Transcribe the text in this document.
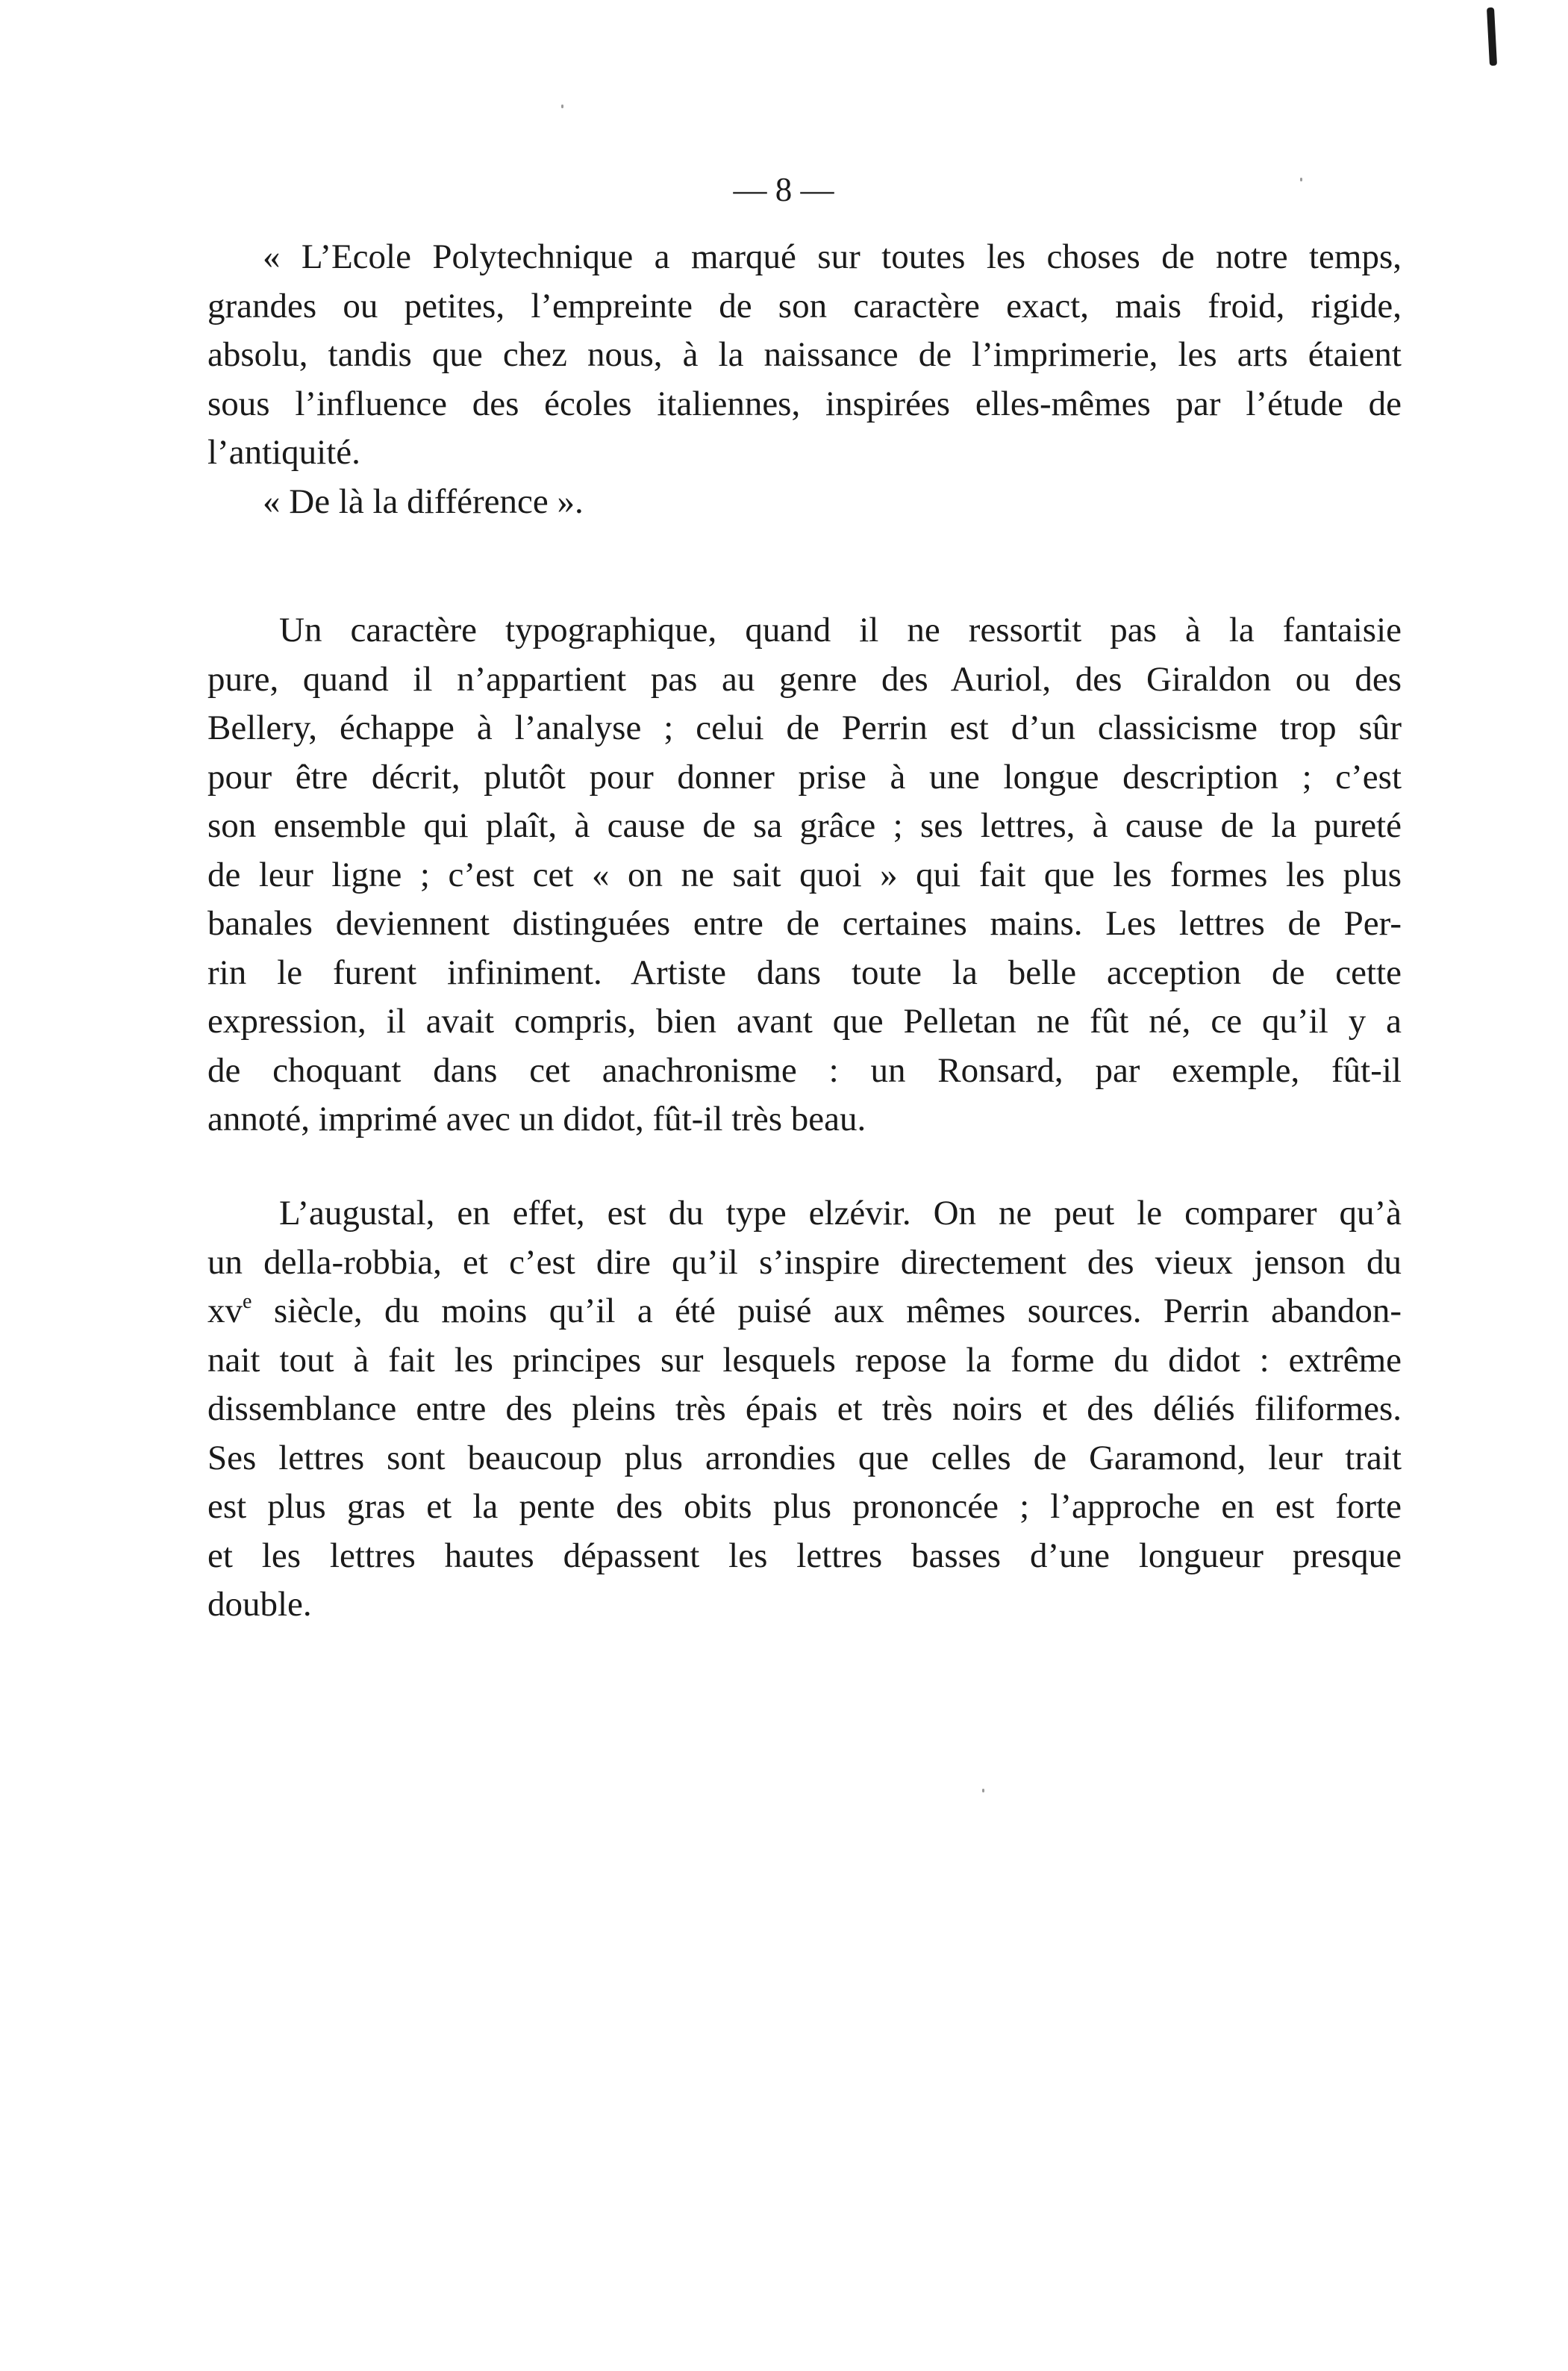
— 8 —

« L’Ecole Polytechnique a marqué sur toutes les choses de notre temps,
grandes ou petites, l’empreinte de son caractère exact, mais froid, rigide,
absolu, tandis que chez nous, à la naissance de l’imprimerie, les arts étaient
sous l’influence des écoles italiennes, inspirées elles-mêmes par l’étude de
l’antiquité.
« De là la différence ».
Un caractère typographique, quand il ne ressortit pas à la fantaisie
pure, quand il n’appartient pas au genre des Auriol, des Giraldon ou des
Bellery, échappe à l’analyse ; celui de Perrin est d’un classicisme trop sûr
pour être décrit, plutôt pour donner prise à une longue description ; c’est
son ensemble qui plaît, à cause de sa grâce ; ses lettres, à cause de la pureté
de leur ligne ; c’est cet « on ne sait quoi » qui fait que les formes les plus
banales deviennent distinguées entre de certaines mains. Les lettres de Per-
rin le furent infiniment. Artiste dans toute la belle acception de cette
expression, il avait compris, bien avant que Pelletan ne fût né, ce qu’il y a
de choquant dans cet anachronisme : un Ronsard, par exemple, fût-il
annoté, imprimé avec un didot, fût-il très beau.
L’augustal, en effet, est du type elzévir. On ne peut le comparer qu’à
un della-robbia, et c’est dire qu’il s’inspire directement des vieux jenson du
$xv^e$ siècle, du moins qu’il a été puisé aux mêmes sources. Perrin abandon-
nait tout à fait les principes sur lesquels repose la forme du didot : extrême
dissemblance entre des pleins très épais et très noirs et des déliés filiformes.
Ses lettres sont beaucoup plus arrondies que celles de Garamond, leur trait
est plus gras et la pente des obits plus prononcée ; l’approche en est forte
et les lettres hautes dépassent les lettres basses d’une longueur presque
double.
